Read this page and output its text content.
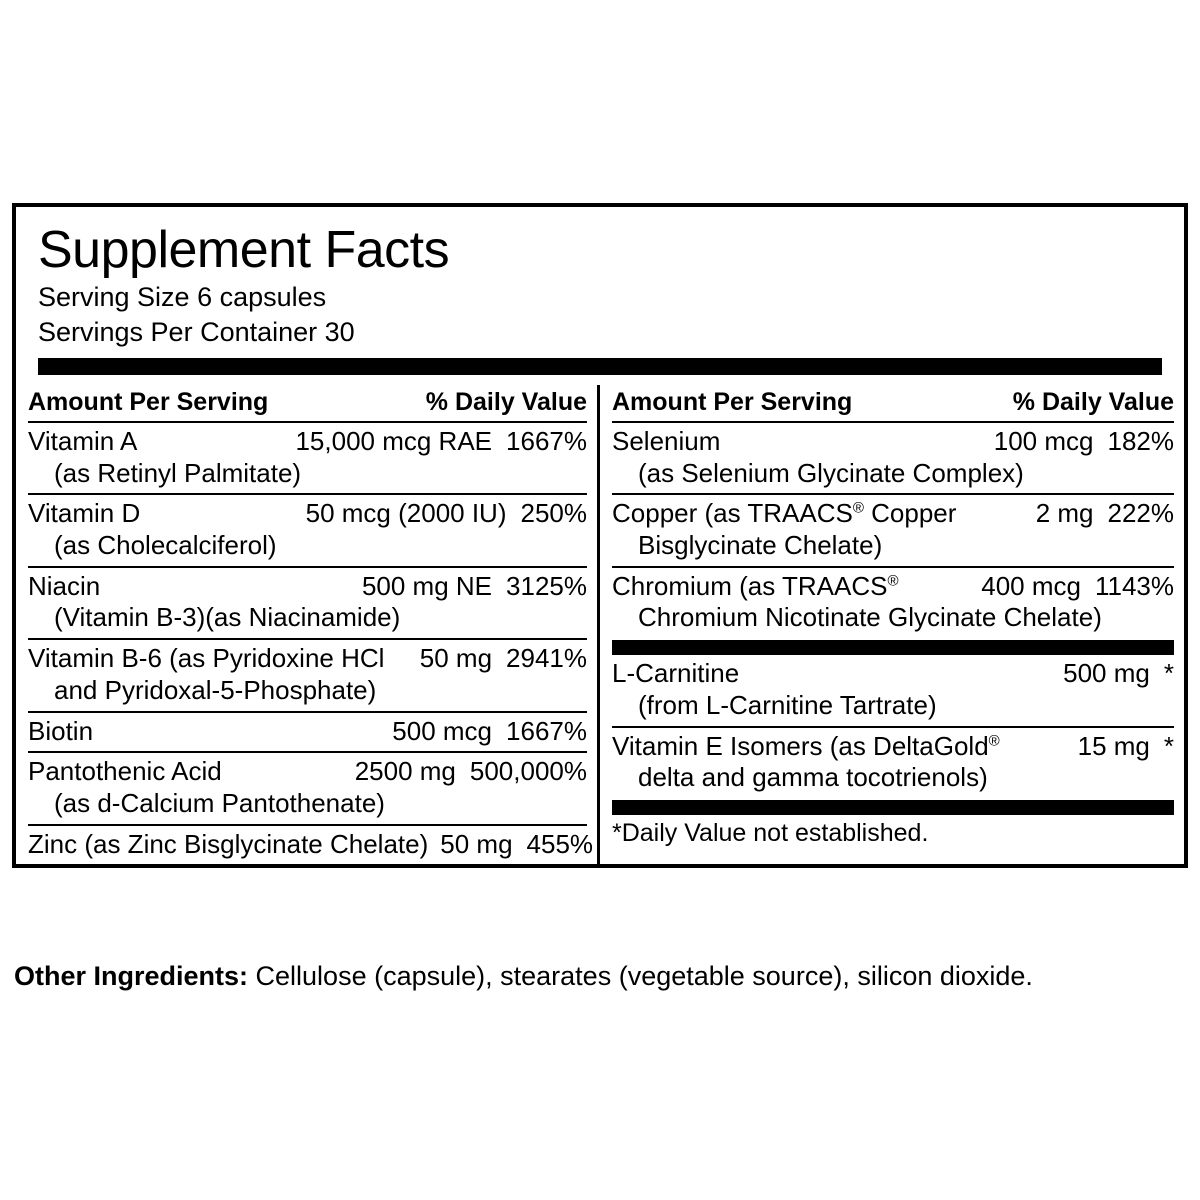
Supplement Facts
Serving Size 6 capsules
Servings Per Container 30
Amount Per Serving	% Daily Value
Vitamin A	15,000 mcg RAE 1667%
(as Retinyl Palmitate)
Vitamin D	50 mcg (2000 IU) 250%
(as Cholecalciferol)
Niacin	500 mg NE 3125%
(Vitamin B-3)(as Niacinamide)
Vitamin B-6 (as Pyridoxine HCl 50 mg 2941%
and Pyridoxal-5-Phosphate)
Biotin	500 mcg 1667%
Pantothenic Acid	2500 mg 500,000%
(as d-Calcium Pantothenate)
Zinc (as Zinc Bisglycinate Chelate) 50 mg 455%
Amount Per Serving	% Daily Value
Selenium	100 mcg 182%
(as Selenium Glycinate Complex)
Copper (as TRAACS® Copper	2 mg 222%
Bisglycinate Chelate)
Chromium (as TRAACS®	400 mcg 1143%
Chromium Nicotinate Glycinate Chelate)
L-Carnitine	500 mg *
(from L-Carnitine Tartrate)
Vitamin E Isomers (as DeltaGold®	15 mg *
delta and gamma tocotrienols)
*Daily Value not established.
Other Ingredients: Cellulose (capsule), stearates (vegetable source), silicon dioxide.
